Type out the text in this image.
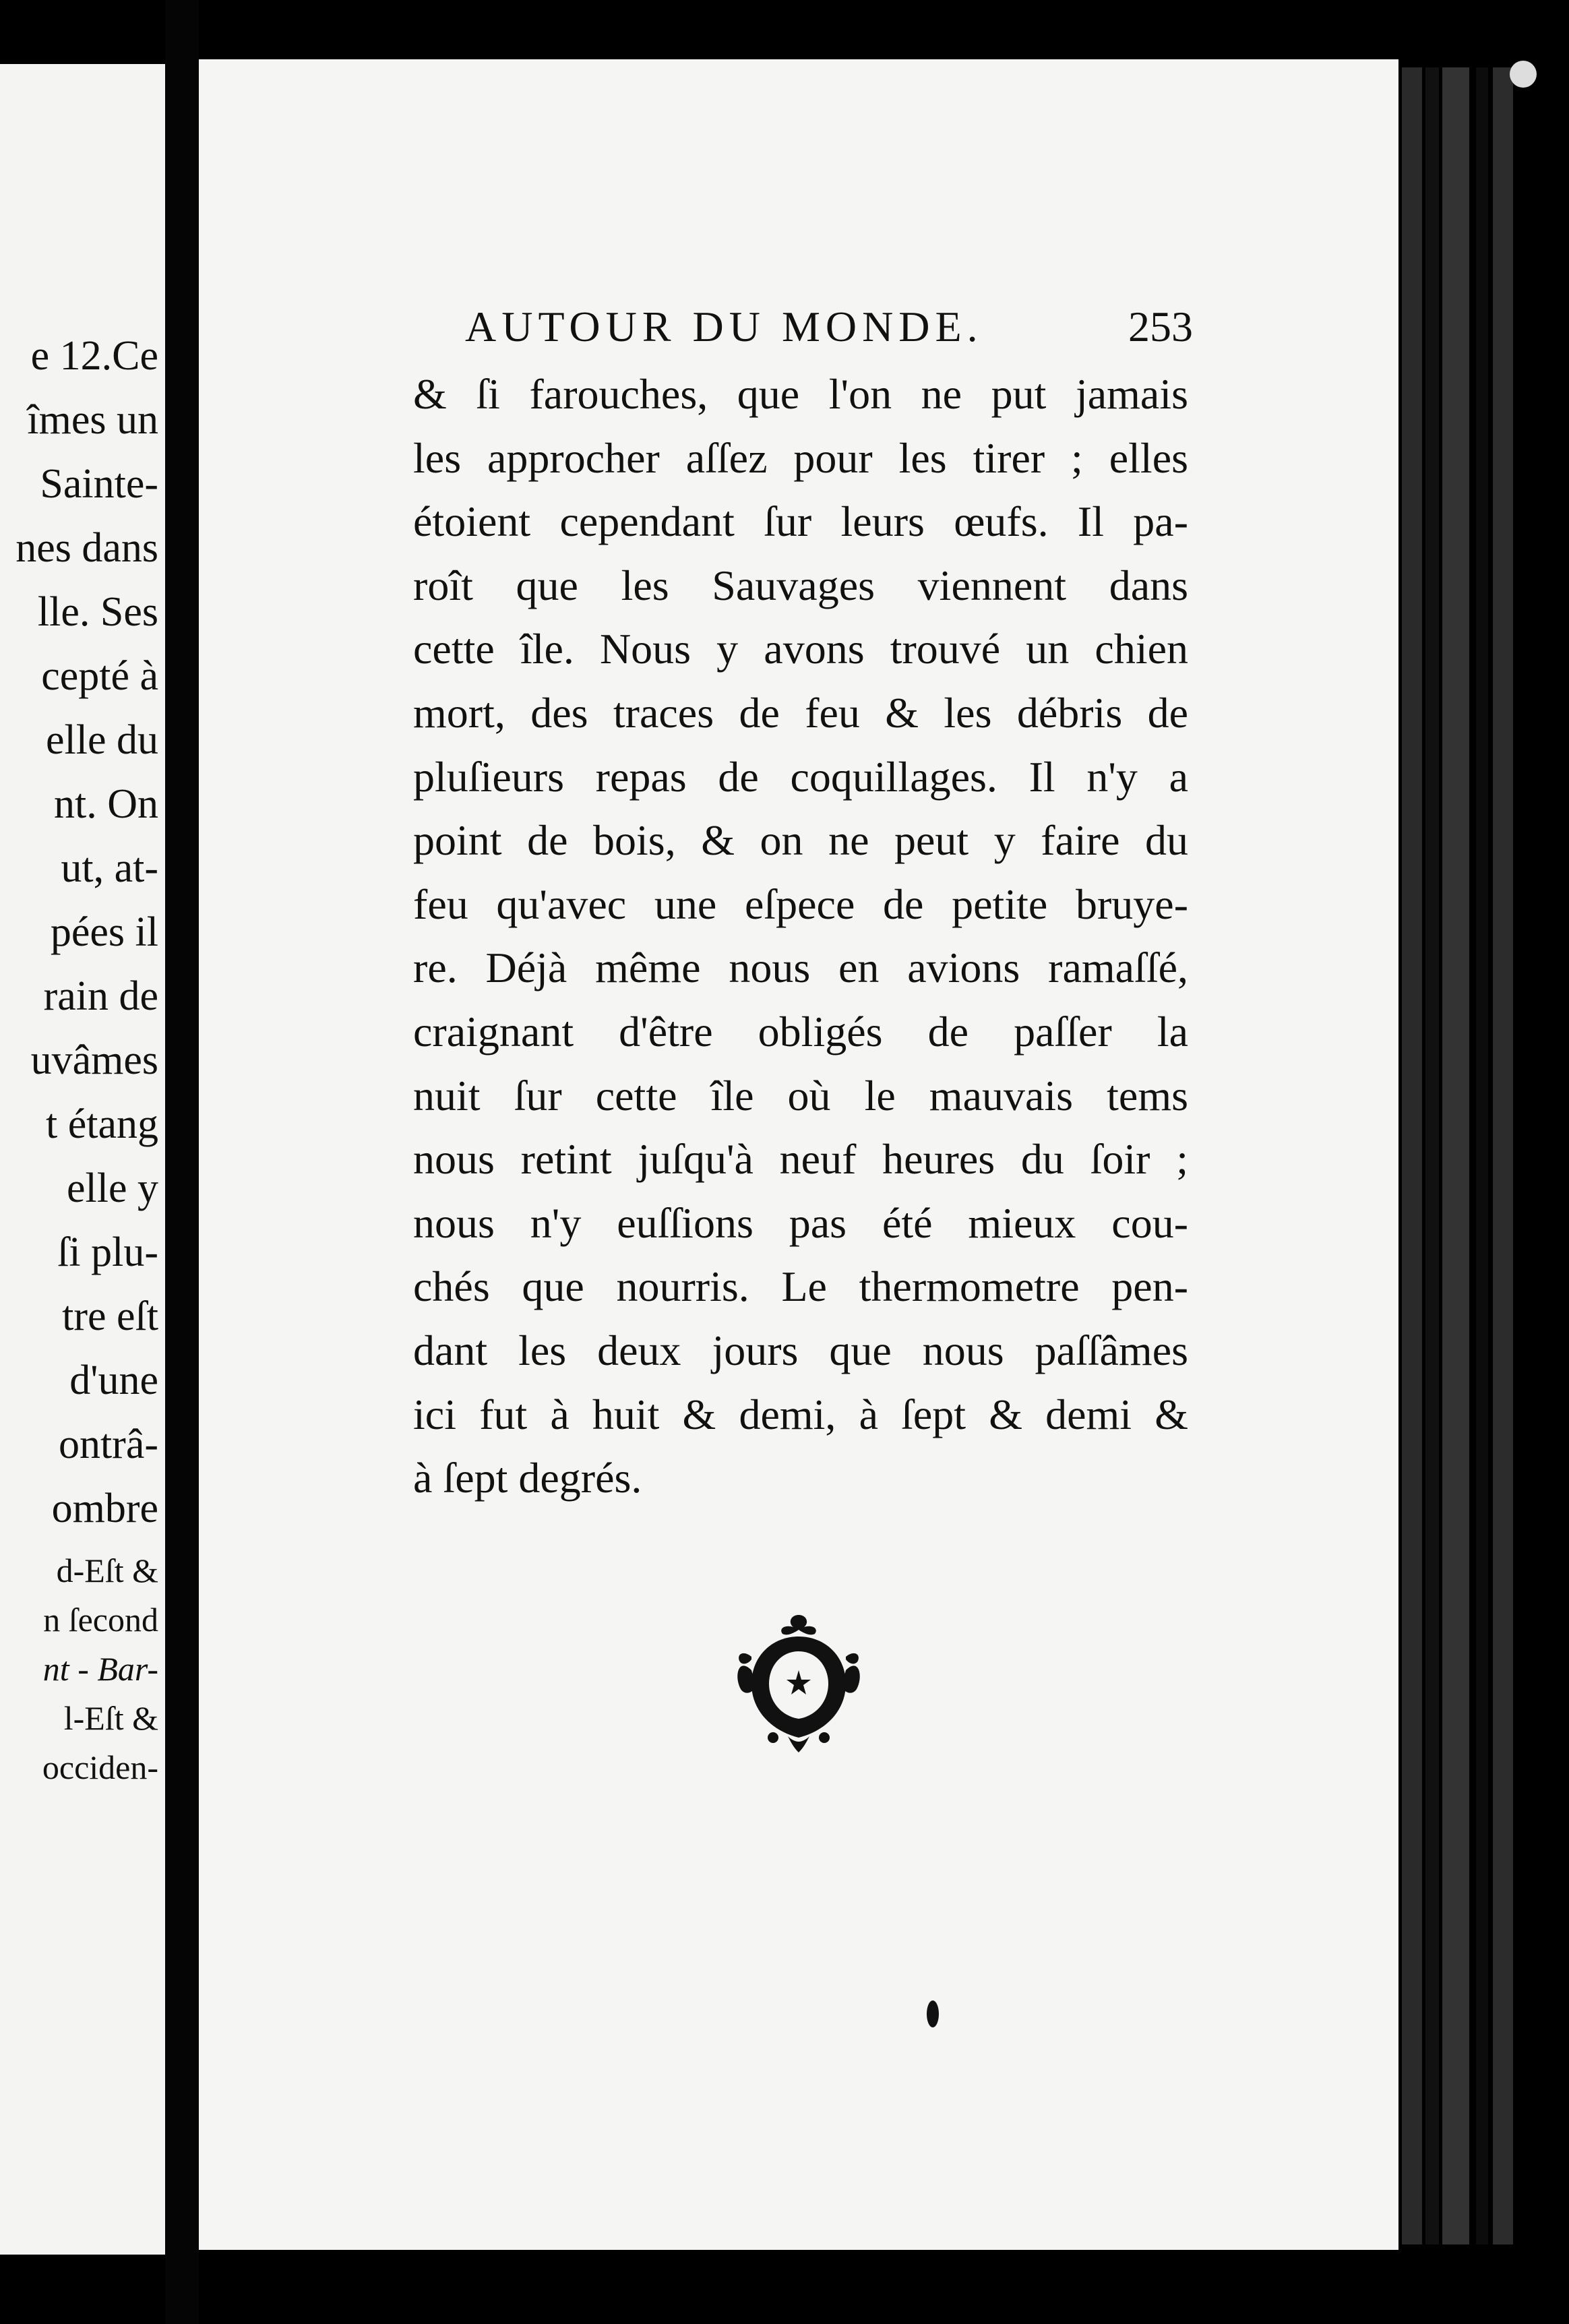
e 12.Ce
îmes un
Sainte-
nes dans
lle. Ses
cepté à
elle du
nt. On
ut, at-
pées il
rain de
uvâmes
t étang
elle y
ſi plu-
tre eſt
d'une
ontrâ-
ombre
d-Eſt &
n ſecond
nt - Bar-
l-Eſt &
occiden-
AUTOUR DU MONDE.	253
& ſi farouches, que l'on ne put jamais
les approcher aſſez pour les tirer ; elles
étoient cependant ſur leurs œufs. Il pa-
roît que les Sauvages viennent dans
cette île. Nous y avons trouvé un chien
mort, des traces de feu & les débris de
pluſieurs repas de coquillages. Il n'y a
point de bois, & on ne peut y faire du
feu qu'avec une eſpece de petite bruye-
re. Déjà même nous en avions ramaſſé,
craignant d'être obligés de paſſer la
nuit ſur cette île où le mauvais tems
nous retint juſqu'à neuf heures du ſoir ;
nous n'y euſſions pas été mieux cou-
chés que nourris. Le thermometre pen-
dant les deux jours que nous paſſâmes
ici fut à huit & demi, à ſept & demi &
à ſept degrés.
